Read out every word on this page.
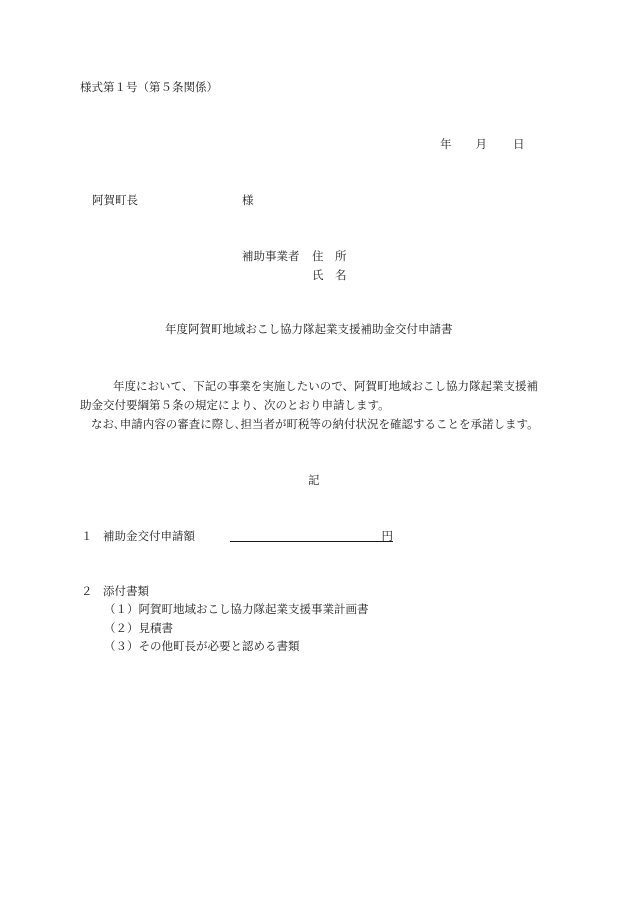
様式第１号（第５条関係）
年 月 日
阿賀町長	様
補助事業者 住　所
氏　名
年度阿賀町地域おこし協力隊起業支援補助金交付申請書
年度において、下記の事業を実施したいので、阿賀町地域おこし協力隊起業支援補
助金交付要綱第５条の規定により、次のとおり申請します。
なお､申請内容の審査に際し､担当者が町税等の納付状況を確認することを承諾します。
記
１ 補助金交付申請額	円
２ 添付書類
（１）阿賀町地域おこし協力隊起業支援事業計画書
（２）見積書
（３）その他町長が必要と認める書類
